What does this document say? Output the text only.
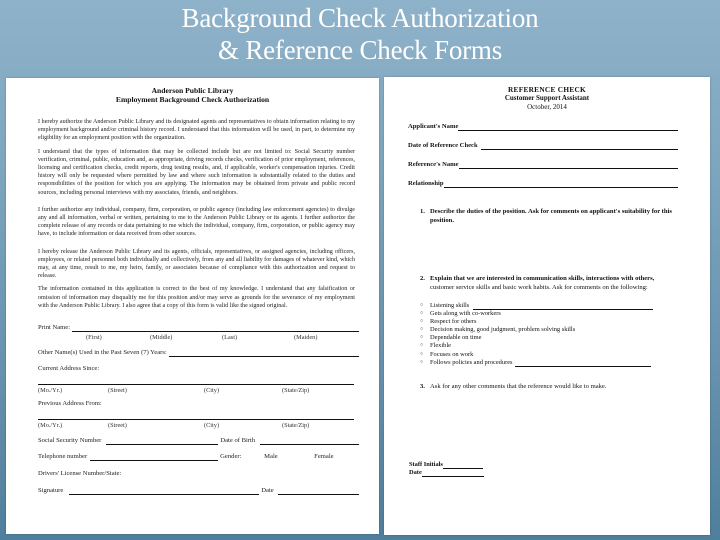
Background Check Authorization
& Reference Check Forms
Anderson Public Library
Employment Background Check Authorization

I hereby authorize the Anderson Public Library and its designated agents and representatives to obtain information relating to my employment background and/or criminal history record. I understand that this information will be used, in part, to determine my eligibility for an employment position with the organization.

I understand that the types of information that may be collected include but are not limited to: Social Security number verification, criminal, public, education and, as appropriate, driving records checks, verification of prior employment, references, licensing and certification checks, credit reports, drug testing results, and, if applicable, worker's compensation injuries. Credit history will only be requested where permitted by law and where such information is substantially related to the duties and responsibilities of the position for which you are applying. The information may be obtained from private and public record sources, including personal interviews with my associates, friends, and neighbors.

I further authorize any individual, company, firm, corporation, or public agency (including law enforcement agencies) to divulge any and all information, verbal or written, pertaining to me to the Anderson Public Library or its agents. I further authorize the complete release of any records or data pertaining to me which the individual, company, firm, corporation, or public agency may have, to include information or data received from other sources.

I hereby release the Anderson Public Library and its agents, officials, representatives, or assigned agencies, including officers, employees, or related personnel both individually and collectively, from any and all liability for damages of whatever kind, which may, at any time, result to me, my heirs, family, or associates because of compliance with this authorization and request to release.

The information contained in this application is correct to the best of my knowledge. I understand that any falsification or omission of information may disqualify me for this position and/or may serve as grounds for the severance of my employment with the Anderson Public Library. I also agree that a copy of this form is valid like the signed original.

Print Name:
(First)	(Middle)	(Last)	(Maiden)
Other Name(s) Used in the Past Seven (7) Years:
Current Address Since:
(Mo./Yr.)	(Street)	(City)	(State/Zip)
Previous Address From:
(Mo./Yr.)	(Street)	(City)	(State/Zip)
Social Security Number	Date of Birth
Telephone number	Gender:	Male	Female
Drivers' License Number/State:
Signature	Date
REFERENCE CHECK
Customer Support Assistant
October, 2014
Applicant's Name
Date of Reference Check
Reference's Name
Relationship
1. Describe the duties of the position. Ask for comments on applicant's suitability for this position.
2. Explain that we are interested in communication skills, interactions with others,
customer service skills and basic work habits. Ask for comments on the following:
○	Listening skills
○	Gets along with co-workers
○	Respect for others
○	Decision making, good judgment, problem solving skills
○	Dependable on time
○	Flexible
○	Focuses on work
○	Follows policies and procedures
3. Ask for any other comments that the reference would like to make.
Staff Initials
Date
